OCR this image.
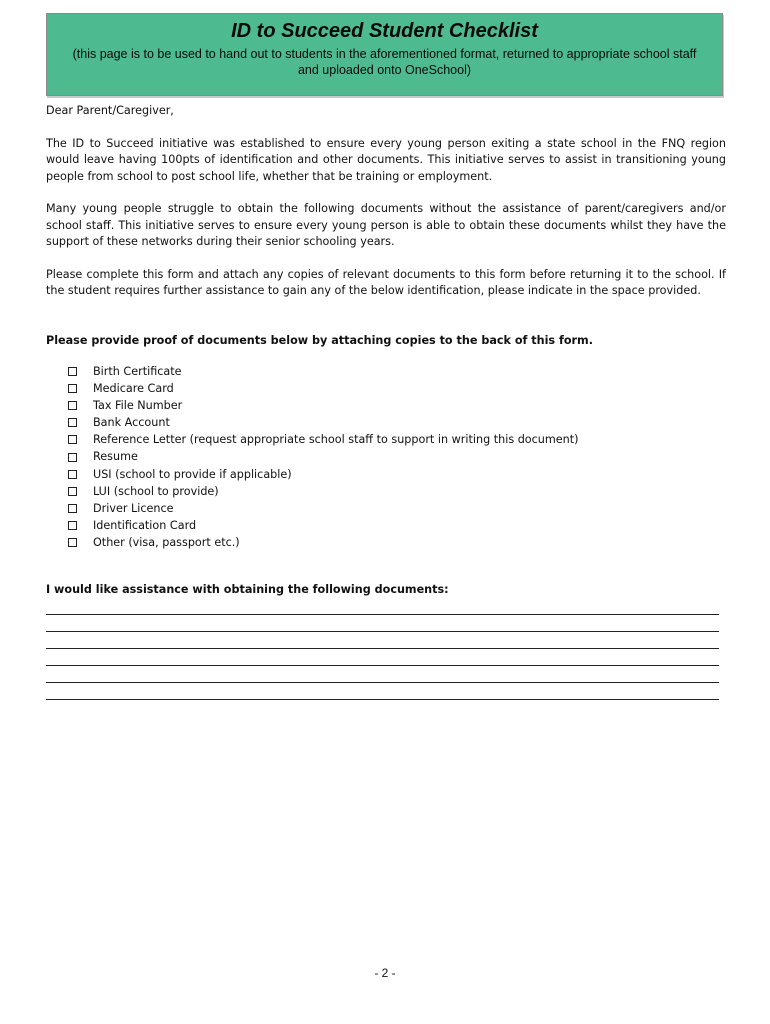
ID to Succeed Student Checklist
(this page is to be used to hand out to students in the aforementioned format, returned to appropriate school staff and uploaded onto OneSchool)

Dear Parent/Caregiver,

The ID to Succeed initiative was established to ensure every young person exiting a state school in the FNQ region would leave having 100pts of identification and other documents. This initiative serves to assist in transitioning young people from school to post school life, whether that be training or employment.

Many young people struggle to obtain the following documents without the assistance of parent/caregivers and/or school staff. This initiative serves to ensure every young person is able to obtain these documents whilst they have the support of these networks during their senior schooling years.

Please complete this form and attach any copies of relevant documents to this form before returning it to the school. If the student requires further assistance to gain any of the below identification, please indicate in the space provided.

Please provide proof of documents below by attaching copies to the back of this form.

Birth Certificate
Medicare Card
Tax File Number
Bank Account
Reference Letter (request appropriate school staff to support in writing this document)
Resume
USI (school to provide if applicable)
LUI (school to provide)
Driver Licence
Identification Card
Other (visa, passport etc.)

I would like assistance with obtaining the following documents:

- 2 -
